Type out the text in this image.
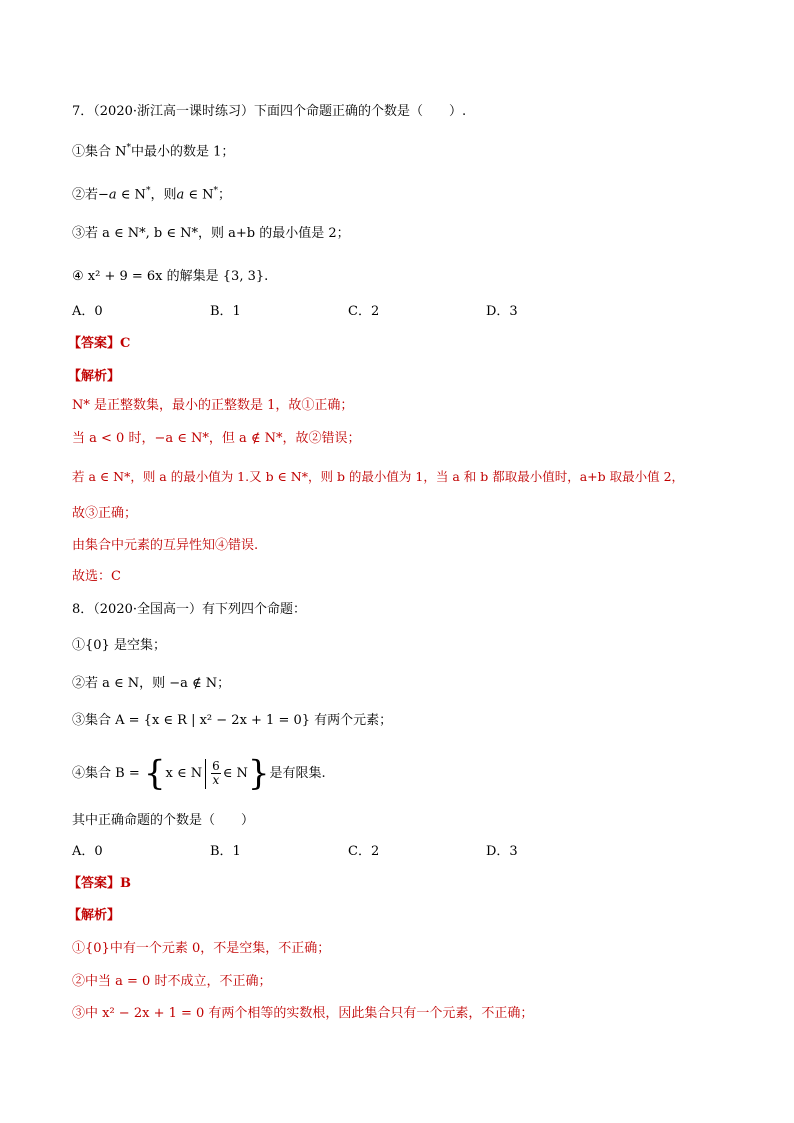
7．（2020·浙江高一课时练习）下面四个命题正确的个数是（　　）.
①集合 N*中最小的数是 1；
②若−a ∈ N*，则a ∈ N*；
③若 a ∈ N*, b ∈ N*，则 a+b 的最小值是 2；
④ x² + 9 = 6x 的解集是 {3, 3}.
A．0	B．1	C．2	D．3
【答案】C
【解析】
N* 是正整数集，最小的正整数是 1，故①正确；
当 a < 0 时，−a ∈ N*，但 a ∉ N*，故②错误；
若 a ∈ N*，则 a 的最小值为 1.又 b ∈ N*，则 b 的最小值为 1，当 a 和 b 都取最小值时，a+b 取最小值 2，
故③正确；
由集合中元素的互异性知④错误.
故选：C
8．（2020·全国高一）有下列四个命题：
①{0} 是空集；
②若 a ∈ N，则 −a ∉ N；
③集合 A = {x ∈ R | x² − 2x + 1 = 0} 有两个元素；
④集合 B = {x ∈ N $\frac{6}{x}$ ∈ N}是有限集.
其中正确命题的个数是（　　）
A．0	B．1	C．2	D．3
【答案】B
【解析】
①{0}中有一个元素 0，不是空集，不正确；
②中当 a = 0 时不成立，不正确；
③中 x² − 2x + 1 = 0 有两个相等的实数根，因此集合只有一个元素，不正确；
